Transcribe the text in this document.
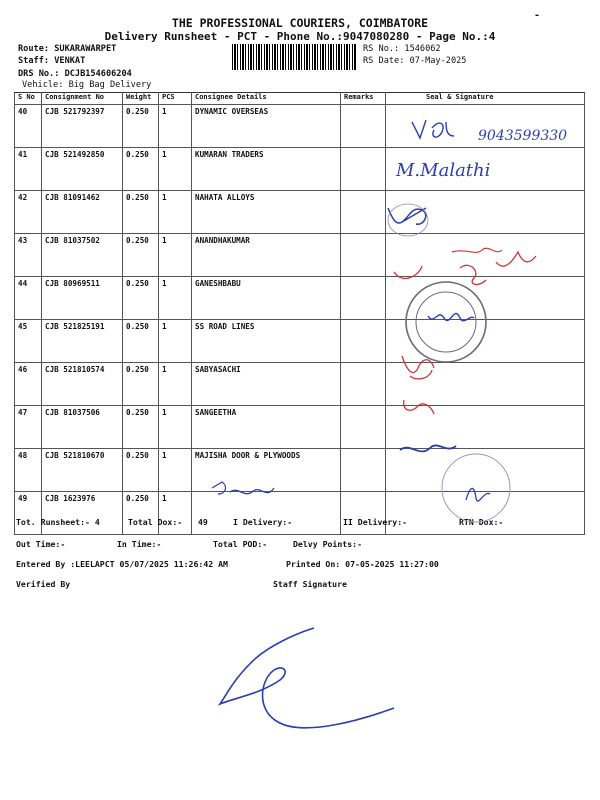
THE PROFESSIONAL COURIERS, COIMBATORE
Delivery Runsheet - PCT - Phone No.:9047080280 - Page No.:4
-
Route: SUKARAWARPET
Staff: VENKAT
DRS No.: DCJB154606204
Vehicle: Big Bag Delivery
RS No.: 1546062
RS Date: 07-May-2025
S No	Consignment No	Weight	PCS	Consignee Details	Remarks	Seal & Signature
40	CJB 521792397	0.250	1	DYNAMIC OVERSEAS		
41	CJB 521492850	0.250	1	KUMARAN TRADERS		
42	CJB 81091462	0.250	1	NAHATA ALLOYS		
43	CJB 81037502	0.250	1	ANANDHAKUMAR		
44	CJB 80969511	0.250	1	GANESHBABU		
45	CJB 521825191	0.250	1	SS ROAD LINES		
46	CJB 521810574	0.250	1	SABYASACHI		
47	CJB 81037506	0.250	1	SANGEETHA		
48	CJB 521810670	0.250	1	MAJISHA DOOR & PLYWOODS		
49	CJB 1623976	0.250	1			
Tot. Runsheet:- 4	Total Dox:- 49	I Delivery:-	II Delivery:-	RTN Dox:-
Out Time:-	In Time:-	Total POD:-	Delvy Points:-
Entered By :LEELAPCT 05/07/2025 11:26:42 AM	Printed On: 07-05-2025 11:27:00
Verified By	Staff Signature
9043599330
M.Malathi
